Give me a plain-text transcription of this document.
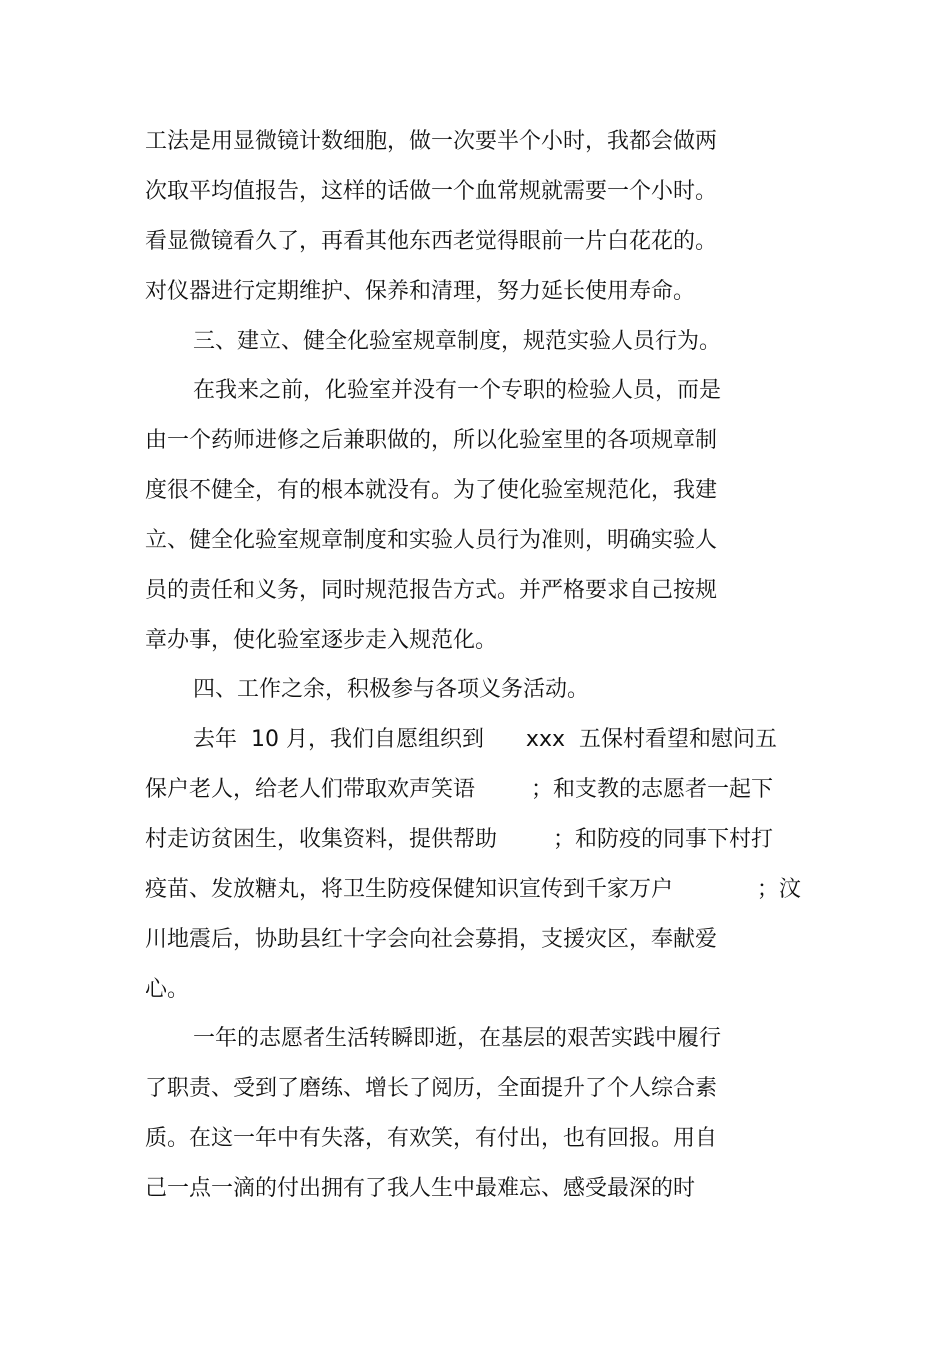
工法是用显微镜计数细胞，做一次要半个小时，我都会做两
次取平均值报告，这样的话做一个血常规就需要一个小时。
看显微镜看久了，再看其他东西老觉得眼前一片白花花的。
对仪器进行定期维护、保养和清理，努力延长使用寿命。
三、建立、健全化验室规章制度，规范实验人员行为。
在我来之前，化验室并没有一个专职的检验人员，而是
由一个药师进修之后兼职做的，所以化验室里的各项规章制
度很不健全，有的根本就没有。为了使化验室规范化，我建
立、健全化验室规章制度和实验人员行为准则，明确实验人
员的责任和义务，同时规范报告方式。并严格要求自己按规
章办事，使化验室逐步走入规范化。
四、工作之余，积极参与各项义务活动。
去年  10 月，我们自愿组织到      xxx  五保村看望和慰问五
保户老人，给老人们带取欢声笑语        ；和支教的志愿者一起下
村走访贫困生，收集资料，提供帮助        ；和防疫的同事下村打
疫苗、发放糖丸，将卫生防疫保健知识宣传到千家万户            ；汶
川地震后，协助县红十字会向社会募捐，支援灾区，奉献爱
心。
一年的志愿者生活转瞬即逝，在基层的艰苦实践中履行
了职责、受到了磨练、增长了阅历，全面提升了个人综合素
质。在这一年中有失落，有欢笑，有付出，也有回报。用自
己一点一滴的付出拥有了我人生中最难忘、感受最深的时
